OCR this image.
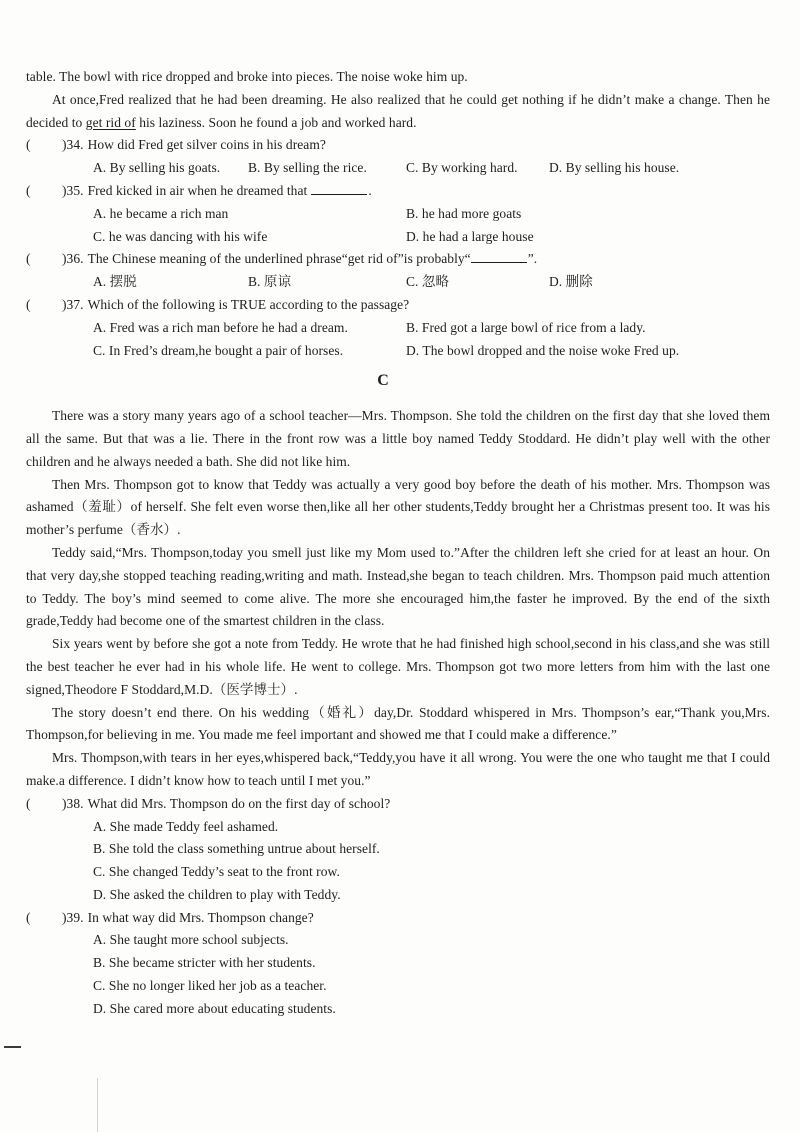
table. The bowl with rice dropped and broke into pieces. The noise woke him up.

At once,Fred realized that he had been dreaming. He also realized that he could get nothing if he didn’t make a change. Then he decided to get rid of his laziness. Soon he found a job and worked hard.

(	)34. How did Fred get silver coins in his dream?
A. By selling his goats.	B. By selling the rice.	C. By working hard.	D. By selling his house.
(	)35. Fred kicked in air when he dreamed that	.
A. he became a rich man	B. he had more goats
C. he was dancing with his wife	D. he had a large house
(	)36. The Chinese meaning of the underlined phrase“get rid of”is probably“	”.
A. 摆脱	B. 原谅	C. 忽略	D. 删除
(	)37. Which of the following is TRUE according to the passage?
A. Fred was a rich man before he had a dream.	B. Fred got a large bowl of rice from a lady.
C. In Fred’s dream,he bought a pair of horses.	D. The bowl dropped and the noise woke Fred up.
C

There was a story many years ago of a school teacher—Mrs. Thompson. She told the children on the first day that she loved them all the same. But that was a lie. There in the front row was a little boy named Teddy Stoddard. He didn’t play well with the other children and he always needed a bath. She did not like him.

Then Mrs. Thompson got to know that Teddy was actually a very good boy before the death of his mother. Mrs. Thompson was ashamed（羞耻）of herself. She felt even worse then,like all her other students,Teddy brought her a Christmas present too. It was his mother’s perfume（香水）.

Teddy said,“Mrs. Thompson,today you smell just like my Mom used to.”After the children left she cried for at least an hour. On that very day,she stopped teaching reading,writing and math. Instead,she began to teach children. Mrs. Thompson paid much attention to Teddy. The boy’s mind seemed to come alive. The more she encouraged him,the faster he improved. By the end of the sixth grade,Teddy had become one of the smartest children in the class.

Six years went by before she got a note from Teddy. He wrote that he had finished high school,second in his class,and she was still the best teacher he ever had in his whole life. He went to college. Mrs. Thompson got two more letters from him with the last one signed,Theodore F Stoddard,M.D.（医学博士）.

The story doesn’t end there. On his wedding（婚礼）day,Dr. Stoddard whispered in Mrs. Thompson’s ear,“Thank you,Mrs. Thompson,for believing in me. You made me feel important and showed me that I could make a difference.”

Mrs. Thompson,with tears in her eyes,whispered back,“Teddy,you have it all wrong. You were the one who taught me that I could make.a difference. I didn’t know how to teach until I met you.”

(	)38. What did Mrs. Thompson do on the first day of school?
A. She made Teddy feel ashamed.
B. She told the class something untrue about herself.
C. She changed Teddy’s seat to the front row.
D. She asked the children to play with Teddy.
(	)39. In what way did Mrs. Thompson change?
A. She taught more school subjects.
B. She became stricter with her students.
C. She no longer liked her job as a teacher.
D. She cared more about educating students.
